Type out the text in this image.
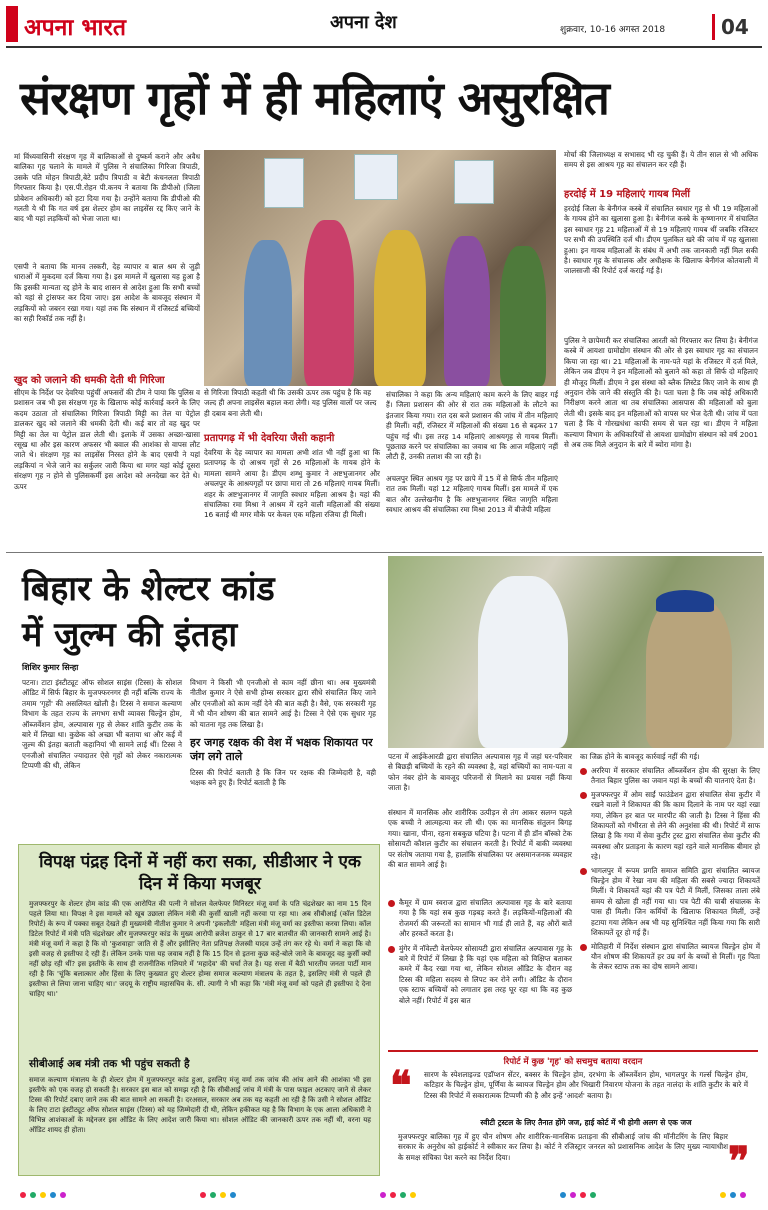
अपना भारत	अपना देश	शुक्रवार, 10-16 अगस्त 2018	04
संरक्षण गृहों में ही महिलाएं असुरक्षित
मां विंध्यवासिनी संरक्षण गृह में बालिकाओं से दुष्कर्म कराने और अवैध बालिका गृह चलाने के मामले में पुलिस ने संचालिका गिरिजा त्रिपाठी, उसके पति मोहन त्रिपाठी,बेटे प्रदीप त्रिपाठी व बेटी कंचनलता त्रिपाठी गिरफ्तार किया है। एस.पी.रोहन पी.कनय ने बताया कि डीपीओ (जिला प्रोबेशन अधिकारी) को हटा दिया गया है। उन्होंने बताया कि डीपीओ की गलती ये थी कि गत वर्ष इस शेल्टर होम का लाइसेंस रद्द किए जाने के बाद भी यहां लड़कियों को भेजा जाता था।
एसपी ने बताया कि मानव तस्करी, देह व्यापार व बाल श्रम से जुड़ी धाराओं में मुकदमा दर्ज किया गया है। इस मामले में खुलासा यह हुआ है कि इसकी मान्यता रद्द होने के बाद शासन से आदेश हुआ कि सभी बच्चों को यहां से ट्रांसफर कर दिया जाए। इस आदेश के बावजूद संस्थान में लड़कियों को जबरन रखा गया। यहां तक कि संस्थान में रजिस्टर्ड बच्चियों का सही रिकॉर्ड तक नहीं है।
खुद को जलाने की धमकी देती थी गिरिजा
सीएम के निर्देश पर देवरिया पहुंचीं अफसरों की टीम ने पाया कि पुलिस व प्रशासन जब भी इस संरक्षण गृह के खिलाफ कोई कार्रवाई करने के लिए कदम उठाता तो संचालिका गिरिजा त्रिपाठी मिट्टी का तेल या पेट्रोल डालकर खुद को जलाने की धमकी देती थी। कई बार तो वह खुद पर मिट्टी का तेल या पेट्रोल डाल लेती थी। इलाके में उसका अच्छा-खासा रसूख था और इस कारण अफसर भी बवाल की आशंका से वापस लौट जाते थे। संरक्षण गृह का लाइसेंस निरस्त होने के बाद एसपी ने यहां लड़कियां न भेजे जाने का सर्कुलर जारी किया था मगर यहां कोई दूसरा संरक्षण गृह न होने से पुलिसकर्मी इस आदेश को अनदेखा कर देते थे। ऊपर
से गिरिजा त्रिपाठी कहती थी कि उसकी ऊपर तक पहुंच है कि वह जल्द ही अपना लाइसेंस बहाल करा लेगी। यह पुलिस वालों पर जल्द ही दबाव बना लेती थी।
प्रतापगढ़ में भी देवरिया जैसी कहानी
देवरिया के देह व्यापार का मामला अभी शांत भी नहीं हुआ था कि प्रतापगढ़ के दो आश्रय गृहों से 26 महिलाओं के गायब होने के मामला सामने आया है। डीएम शम्भु कुमार ने अष्टभुजानगर और अचलपुर के आश्रयगृहों पर छापा मारा तो 26 महिलाएं गायब मिलीं। शहर के अष्टभुजानगर में जागृति स्वधार महिला आश्रय है। यहां की संचालिका रमा मिश्रा ने आश्रम में रहने वाली महिलाओं की संख्या 16 बताई थी मगर मौके पर केवल एक महिला रजिया ही मिली।
संचालिका ने कहा कि अन्य महिलाएं काम करने के लिए बाहर गई हैं। जिला प्रशासन की ओर से रात तक महिलाओं के लौटने का इंतजार किया गया। रात दस बजे प्रशासन की जांच में तीन महिलाएं ही मिलीं। वहीं, रजिस्टर में महिलाओं की संख्या 16 से बढ़कर 17 पहुंच गई थी। इस तरह 14 महिलाएं आश्रयगृह से गायब मिलीं। पूछताछ करने पर संचालिका का जवाब था कि आज महिलाएं नहीं लौटी हैं, उनकी तलाश की जा रही है।
अचलपुर स्थित आश्रय गृह पर छापे में 15 में से सिर्फ तीन महिलाएं रात तक मिलीं। यहां 12 महिलाएं गायब मिलीं। इस मामले में एक बात और उल्लेखनीय है कि अष्टभुजानगर स्थित जागृति महिला स्वधार आश्रय की संचालिका रमा मिश्रा 2013 में बीजेपी महिला
मोर्चा की जिलाध्यक्ष व सभासद भी रह चुकी हैं। ये तीन साल से भी अधिक समय से इस आश्रय गृह का संचालन कर रही हैं।
हरदोई में 19 महिलाएं गायब मिलीं
हरदोई जिला के बेनीगंज कस्बे में संचालित स्वधार गृह से भी 19 महिलाओं के गायब होने का खुलासा हुआ है। बेनीगंज कस्बे के कृष्णानगर में संचालित इस स्वाधार गृह 21 महिलाओं में से 19 महिलाएं गायब थीं जबकि रजिस्टर पर सभी की उपस्थिति दर्ज थी। डीएम पुलकित खरे की जांच में यह खुलासा हुआ। इन गायब महिलाओं के संबंध में अभी तक जानकारी नहीं मिल सकी है। स्वाधार गृह के संचालक और अधीक्षक के खिलाफ बेनीगंज कोतवाली में जालसाजी की रिपोर्ट दर्ज कराई गई है।
पुलिस ने छापेमारी कर संचालिका आरती को गिरफ्तार कर लिया है। बेनीगंज कस्बे में आयशा ग्रामोद्योग संस्थान की ओर से इस स्वाधार गृह का संचालन किया जा रहा था। 21 महिलाओं के नाम-पते यहां के रजिस्टर में दर्ज मिले, लेकिन जब डीएम ने इन महिलाओं को बुलाने को कहा तो सिर्फ दो महिलाएं ही मौजूद मिलीं। डीएम ने इस संस्था को ब्लैक लिस्टेड किए जाने के साथ ही अनुदान रोके जाने की संस्तुति की है। पता चला है कि जब कोई अधिकारी निरीक्षण करने आता था तब संचालिका आसपास की महिलाओं को बुला लेती थी। इसके बाद इन महिलाओं को वापस घर भेज देती थी। जांच में पता चला है कि ये गोरखधंधा काफी समय से चल रहा था। डीएम ने महिला कल्याण विभाग के अधिकारियों से आयशा ग्रामोद्योग संस्थान को वर्ष 2001 से अब तक मिले अनुदान के बारे में ब्योरा मांगा है।
बिहार के शेल्टर कांड
में जुल्म की इंतहा
शिशिर कुमार सिन्हा
पटना। टाटा इंस्टीट्यूट ऑफ सोशल साइंस (टिस्स) के सोशल ऑडिट में सिर्फ बिहार के मुजफ्फरनगर ही नहीं बल्कि राज्य के तमाम 'गृहों' की असलियत खोली है। टिस्स ने समाज कल्याण विभाग के तहत राज्य के लगभग सभी व्यावस चिल्ड्रेन होम, ऑब्जर्वेशन होम, अल्पावास गृह से लेकर शांति कुटीर तक के बारे में लिखा था। कुछेक को अच्छा भी बताया था और कई में जुल्म की इंतहा बताती कहानियां भी सामने लाई थीं। टिस्स ने एनजीओ संचालित ज्यादातर ऐसे गृहों को लेकर नकारात्मक टिप्पणी की थी, लेकिन
विभाग ने किसी भी एनजीओ से काम नहीं छीना था। अब मुख्यमंत्री नीतीश कुमार ने ऐसे सभी होम्स सरकार द्वारा सीधे संचालित किए जाने और एनजीओ को काम नहीं देने की बात कही है। वैसे, एक सरकारी गृह में भी यौन शोषण की बात सामने आई है। टिस्स ने ऐसे एक सुधार गृह को यातना गृह तक लिखा है।
हर जगह रक्षक की वेश में भक्षक शिकायत पर जंग लगे ताले
टिस्स की रिपोर्ट बताती है कि जिन पर रक्षक की जिम्मेदारी है, वही भक्षक बने हुए हैं। रिपोर्ट बताती है कि
पटना में आईकेआरडी द्वारा संचालित अल्पावास गृह में जहां घर-परिवार से बिछड़ी बच्चियों के रहने की व्यवस्था है, वहां बच्चियों का नाम-पता व फोन नंबर होने के बावजूद परिजनों से मिलाने का प्रयास नहीं किया जाता है।
संस्थान में मानसिक और शारीरिक उत्पीड़न से तंग आकर सलग्न पहले एक बच्ची ने आत्महत्या कर ली थी। एक का मानसिक संतुलन बिगड़ गया। खाना, पीना, रहना सबकुछ घटिया है। पटना में ही डॉन बॉस्को टेक सोसायटी कौशल कुटीर का संचालन करती है। रिपोर्ट में बाकी व्यवस्था पर संतोष जताया गया है, हालांकि संचालिका पर असमानजनक व्यवहार की बात सामने आई है।
कैमूर में ग्राम स्वराज द्वारा संचालित अल्पावास गृह के बारे बताया गया है कि यहां सब कुछ गड़बड़ करते हैं। लड़कियों-महिलाओं की रोजमर्रा की जरूरतों का सामान भी गार्ड ही लाते हैं, वह औरों बातें और हरकतें करता है।
मुंगेर में नॉवेल्टी वेलफेयर सोसायटी द्वारा संचालित अल्पावास गृह के बारे में रिपोर्ट में लिखा है कि यहां एक महिला को विक्षिप्त बताकर कमरे में कैद रखा गया था, लेकिन सोशल ऑडिट के दौरान वह टिस्स की महिला सदस्य से लिपट कर रोने लगी। ऑडिट के दौरान एक स्टाफ बच्चियों को लगातार इस तरह घूर रहा था कि वह कुछ बोले नहीं। रिपोर्ट में इस बात
का जिक्र होने के बावजूद कार्रवाई नहीं की गई।
अररिया में सरकार संचालित ऑब्जर्वेशन होम की सुरक्षा के लिए तैनात बिहार पुलिस का जवान यहां के बच्चों की यातनाएं देता है।
मुजफ्फरपुर में ओम साईं फाउंडेशन द्वारा संचालित सेवा कुटीर में रखने वालों ने शिकायत की कि काम दिलाने के नाम पर यहां रखा गया, लेकिन हर बात पर मारपीट की जाती है। टिस्स ने हिंसा की शिकायतों को गंभीरता से लेने की अनुशंसा की थी। रिपोर्ट में साफ लिखा है कि गया में सेवा कुटीर ट्रस्ट द्वारा संचालित सेवा कुटीर की व्यवस्था और प्रताड़ना के कारण यहां रहने वाले मानसिक बीमार हो रहे।
भागलपुर में रूपम प्रगति समाज समिति द्वारा संचालित ब्वायज चिल्ड्रेन होम में रेखा नाम की महिला की सबसे ज्यादा शिकायतें मिलीं। ये शिकायतें यहां की पत्र पेटी में मिलीं, जिसका ताला लंबे समय से खोला ही नहीं गया था। पत्र पेटी की चाबी संचालक के पास ही मिली। जिन कर्मियों के खिलाफ शिकायत मिलीं, उन्हें हटाया गया लेकिन अब भी यह सुनिश्चित नहीं किया गया कि सारी शिकायतें दूर हो गई हैं।
मोतिहारी में निर्देश संस्थान द्वारा संचालित ब्वायज चिल्ड्रेन होम में यौन शोषण की शिकायतें हर उम्र वर्ग के बच्चों से मिलीं। गृह पिता के लेकर स्टाफ तक का दोष सामने आया।
विपक्ष पंद्रह दिनों में नहीं करा सका, सीडीआर ने एक दिन में किया मजबूर
मुजफ्फरपुर के शेल्टर होम कांड की एक आरोपित की पत्नी ने सोशल वेलफेयर मिनिस्टर मंजू वर्मा के पति चंद्रशेखर का नाम 15 दिन पहले लिया था। विपक्ष ने इस मामले को खूब उछाला लेकिन मंत्री की कुर्सी खाली नहीं करवा पा रहा था। अब सीबीआई (कॉल डिटेल रिपोर्ट) के रूप में पक्का सबूत देखते ही मुख्यमंत्री नीतीश कुमार ने अपनी 'इकलौती' महिला मंत्री मंजू वर्मा का इस्तीफा करवा लिया। कॉल डिटेल रिपोर्ट में मंत्री पति चंद्रशेखर और मुजफ्फरपुर कांड के मुख्य आरोपी ब्रजेश ठाकुर से 17 बार बातचीत की जानकारी सामने आई है। मंत्री मंजू वर्मा ने कहा है कि वो 'कुशवाहा' जाति से हैं और इसीलिए नेता प्रतिपक्ष तेजस्वी यादव उन्हें तंग कर रहे थे। वर्मा ने कहा कि वो इसी वजह से इस्तीफा दे रही हैं। लेकिन उनके पास यह जवाब नहीं है कि 15 दिन से इतना कुछ कहे-बोले जाने के बावजूद वह कुर्सी क्यों नहीं छोड़ रही थीं? इस इस्तीफे के साथ ही राजनीतिक गलियारे में 'महादेव' की चर्चा तेज है। यह सत्ता में बैठी भारतीय जनता पार्टी मान रही है कि 'चूंकि बलात्कार और हिंसा के लिए कुख्यात हुए शेल्टर होम्स समाज कल्याण मंत्रालय के तहत है, इसलिए मंत्री से पहले ही इस्तीफा ले लिया जाना चाहिए था।' जदयू के राष्ट्रीय महासचिव के. सी. त्यागी ने भी कहा कि 'मंत्री मंजू वर्मा को पहले ही इस्तीफा दे देना चाहिए था।'
सीबीआई अब मंत्री तक भी पहुंच सकती है
समाज कल्याण मंत्रालय के ही शेल्टर होम में मुजफ्फरपुर कांड हुआ, इसलिए मंजू वर्मा तक जांच की आंच आने की आशंका भी इस इस्तीफे को एक वजह हो सकती है। सरकार इस बात को समझ रही है कि सीबीआई जांच में मंत्री के पास फाइल अटकाए जाने से लेकर टिस्स की रिपोर्ट दबाए जाने तक की बात सामने आ सकती है। दरअसल, सरकार अब तक यह कहती आ रही है कि उसी ने सोशल ऑडिट के लिए टाटा इंस्टीट्यूट ऑफ सोशल साइंस (टिस्स) को यह जिम्मेदारी दी थी, लेकिन हकीकत यह है कि विभाग के एक आला अधिकारी ने विभिन्न आशंकाओं के मद्देनजर इस ऑडिट के लिए आदेश जारी किया था। सोशल ऑडिट की जानकारी ऊपर तक नहीं थी, वरना यह ऑडिट शायद ही होता।
रिपोर्ट में कुछ 'गृह' को सचमुच बताया वरदान
❝ सारण के स्पेशलाइज्ड एडॉप्शन सेंटर, बक्सर के चिल्ड्रेन होम, दरभंगा के ऑब्जर्वेशन होम, भागलपुर के गर्ल्स चिल्ड्रेन होम, कटिहार के चिल्ड्रेन होम, पूर्णिया के ब्वायज चिल्ड्रेन होम और भिखारी निवारण योजना के तहत नालंदा के शांति कुटीर के बारे में टिस्स की रिपोर्ट में सकारात्मक टिप्पणी की है और इन्हें 'आदर्श' बताया है।
स्वीटी ट्रस्टल के लिए तैनात होंगे जज, हाई कोर्ट में भी होगी अलग से एक जज
मुजफ्फरपुर बालिका गृह में हुए यौन शोषण और शारीरिक-मानसिक प्रताड़ना की सीबीआई जांच की मॉनीटरिंग के लिए बिहार सरकार के अनुरोध को हाईकोर्ट ने स्वीकार कर लिया है। कोर्ट ने रजिस्ट्रार जनरल को प्रशासनिक आदेश के लिए मुख्य न्यायाधीश के समक्ष संचिका पेश करने का निर्देश दिया।	❞
